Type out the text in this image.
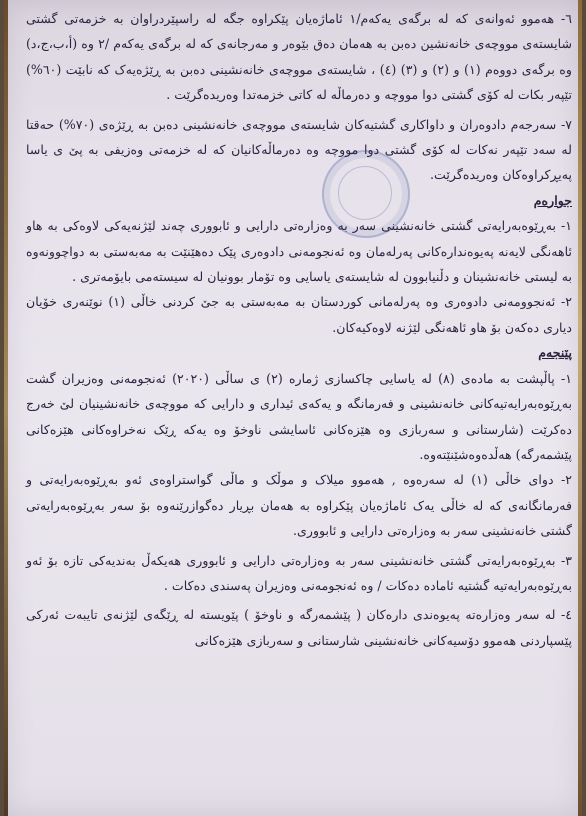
٦- هەموو ئەوانەی کە لە برگەی یەکەم/١ ئاماژەیان پێکراوە جگە لە راسپێردراوان بە خزمەتی گشتی شایستەی مووچەی خانەنشین دەبن بە هەمان دەق بێوەر و مەرجانەی کە لە برگەی یەکەم /٢ وە (أ،ب،ج،د) وە برگەی دووەم (١) و (٢) و (٣) (٤) ، شایستەی مووچەی خانەنشینی دەبن بە ڕێژەیەک کە نابێت (٦٠%) تێپەر بکات لە کۆی گشتی دوا مووچە و دەرماڵە لە کاتی خزمەتدا وەریدەگرێت .

٧- سەرجەم دادوەران و داواکاری گشتیەکان شایستەی مووچەی خانەنشینی دەبن بە ڕێژەی (٧٠%) حەقتا لە سەد تێپەر نەکات لە کۆی گشتی دوا مووچە وە دەرماڵەکانیان کە لە خزمەتی وەزیفی بە پێ ی یاسا پەیڕکراوەکان وەریدەگرێت.

جوارەم

١- بەڕێوەبەرایەتی گشتی خانەنشینی سەر بە وەزارەتی دارایی و ئابووری چەند لێژنەیەکی لاوەکی بە هاو ئاهەنگی لایەنە پەیوەندارەکانی پەرلەمان وە ئەنجومەنی دادوەری پێک دەهێنێت بە مەبەستی بە دواچوونەوە بە لیستی خانەنشینان و دڵنیابوون لە شایستەی یاسایی وە تۆمار بوونیان لە سیستەمی بایۆمەتری .

٢- ئەنجوومەنی دادوەری وە پەرلەمانی کوردستان بە مەبەستی بە جێ کردنی خاڵی (١) نوێنەری خۆیان دیاری دەکەن بۆ هاو ئاهەنگی لێژنە لاوەکیەکان.

پێنجەم

١- پاڵپشت بە مادەی (٨) لە یاسایی چاکسازی ژمارە (٢) ی ساڵی (٢٠٢٠) ئەنجومەنی وەزیران گشت بەڕێوەبەرایەتیەکانی خانەنشینی و فەرمانگە و یەکەی ئیداری و دارایی کە مووچەی خانەنشینیان لێ خەرج دەکرێت (شارستانی و سەربازی وە هێزەکانی ئاسایشی ناوخۆ وە یەکە ڕێک نەخراوەکانی هێزەکانی پێشمەرگە) هەڵدەوەشێنێتەوە.

٢- دوای خاڵی (١) لە سەرەوە , هەموو میلاک و موڵک و ماڵی گواستراوەی ئەو بەڕێوەبەرایەتی و فەرمانگانەی کە لە خاڵی یەک ئاماژەیان پێکراوە بە هەمان بڕیار دەگوازرێنەوە بۆ سەر بەڕێوەبەرایەتی گشتی خانەنشینی سەر بە وەزارەتی دارایی و ئابووری.

٣- بەڕێوەبەرایەتی گشتی خانەنشینی سەر بە وەزارەتی دارایی و ئابووری هەیکەڵ بەندیەکی تازە بۆ ئەو بەڕێوەبەرایەتیە گشتیە ئامادە دەکات / وە ئەنجومەنی وەزیران پەسندی دەکات .

٤- لە سەر وەزارەتە پەیوەندی دارەکان ( پێشمەرگە و ناوخۆ ) پێویستە لە ڕێگەی لێژنەی تایبەت ئەرکی پێسپاردنی هەموو دۆسیەکانی خانەنشینی شارستانی و سەربازی هێزەکانی
